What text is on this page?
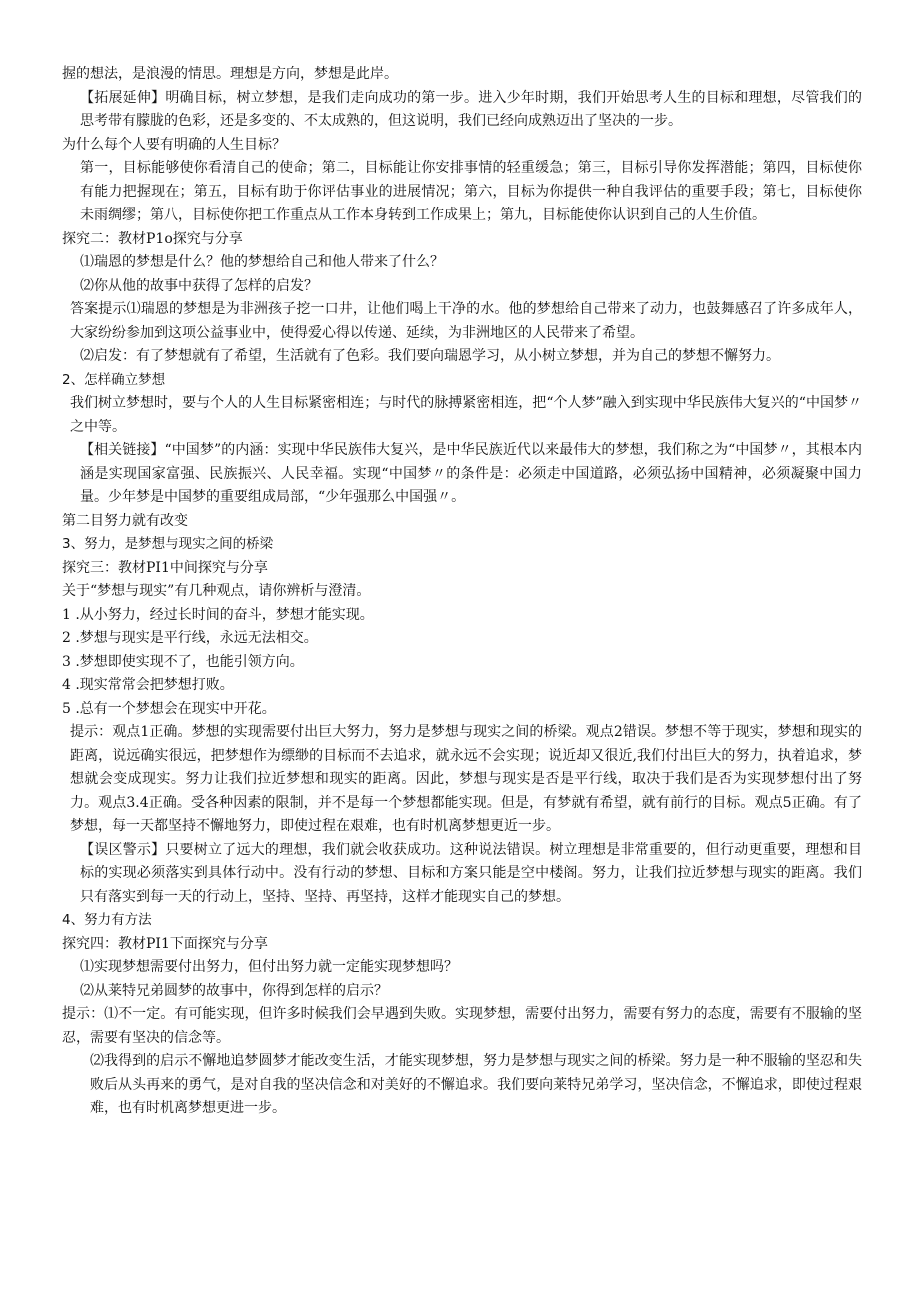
握的想法，是浪漫的情思。理想是方向，梦想是此岸。

【拓展延伸】明确目标，树立梦想，是我们走向成功的第一步。进入少年时期，我们开始思考人生的目标和理想，尽管我们的思考带有朦胧的色彩，还是多变的、不太成熟的，但这说明，我们已经向成熟迈出了坚决的一步。

为什么每个人要有明确的人生目标？

第一，目标能够使你看清自己的使命；第二，目标能让你安排事情的轻重缓急；第三，目标引导你发挥潜能；第四，目标使你有能力把握现在；第五，目标有助于你评估事业的进展情况；第六，目标为你提供一种自我评估的重要手段；第七，目标使你未雨绸缪；第八，目标使你把工作重点从工作本身转到工作成果上；第九，目标能使你认识到自己的人生价值。

探究二：教材P1o探究与分享

⑴瑞恩的梦想是什么？他的梦想给自己和他人带来了什么？

⑵你从他的故事中获得了怎样的启发？

答案提示⑴瑞恩的梦想是为非洲孩子挖一口井，让他们喝上干净的水。他的梦想给自己带来了动力，也鼓舞感召了许多成年人，大家纷纷参加到这项公益事业中，使得爱心得以传递、延续，为非洲地区的人民带来了希望。

⑵启发：有了梦想就有了希望，生活就有了色彩。我们要向瑞恩学习，从小树立梦想，并为自己的梦想不懈努力。

2、怎样确立梦想

我们树立梦想时，要与个人的人生目标紧密相连；与时代的脉搏紧密相连，把“个人梦”融入到实现中华民族伟大复兴的“中国梦〃之中等。

【相关链接】“中国梦”的内涵：实现中华民族伟大复兴，是中华民族近代以来最伟大的梦想，我们称之为“中国梦〃，其根本内涵是实现国家富强、民族振兴、人民幸福。实现“中国梦〃的条件是：必须走中国道路，必须弘扬中国精神，必须凝聚中国力量。少年梦是中国梦的重要组成局部，“少年强那么中国强〃。

第二目努力就有改变

3、努力，是梦想与现实之间的桥梁

探究三：教材PI1中间探究与分享

关于“梦想与现实”有几种观点，请你辨析与澄清。

1 .从小努力，经过长时间的奋斗，梦想才能实现。

2 .梦想与现实是平行线，永远无法相交。

3 .梦想即使实现不了，也能引领方向。

4 .现实常常会把梦想打败。

5 .总有一个梦想会在现实中开花。

提示：观点1正确。梦想的实现需要付出巨大努力，努力是梦想与现实之间的桥梁。观点2错误。梦想不等于现实，梦想和现实的距离，说远确实很远，把梦想作为缥缈的目标而不去追求，就永远不会实现；说近却又很近,我们付出巨大的努力，执着追求，梦想就会变成现实。努力让我们拉近梦想和现实的距离。因此，梦想与现实是否是平行线，取决于我们是否为实现梦想付出了努力。观点3.4正确。受各种因素的限制，并不是每一个梦想都能实现。但是，有梦就有希望，就有前行的目标。观点5正确。有了梦想，每一天都坚持不懈地努力，即使过程在艰难，也有时机离梦想更近一步。

【误区警示】只要树立了远大的理想，我们就会收获成功。这种说法错误。树立理想是非常重要的，但行动更重要，理想和目标的实现必须落实到具体行动中。没有行动的梦想、目标和方案只能是空中楼阁。努力，让我们拉近梦想与现实的距离。我们只有落实到每一天的行动上，坚持、坚持、再坚持，这样才能现实自己的梦想。

4、努力有方法

探究四：教材PI1下面探究与分享

⑴实现梦想需要付出努力，但付出努力就一定能实现梦想吗？

⑵从莱特兄弟圆梦的故事中，你得到怎样的启示？

提示：⑴不一定。有可能实现，但许多时候我们会早遇到失败。实现梦想，需要付出努力，需要有努力的态度，需要有不服输的坚忍，需要有坚决的信念等。

⑵我得到的启示不懈地追梦圆梦才能改变生活，才能实现梦想，努力是梦想与现实之间的桥梁。努力是一种不服输的坚忍和失败后从头再来的勇气，是对自我的坚决信念和对美好的不懈追求。我们要向莱特兄弟学习，坚决信念，不懈追求，即使过程艰难，也有时机离梦想更进一步。
